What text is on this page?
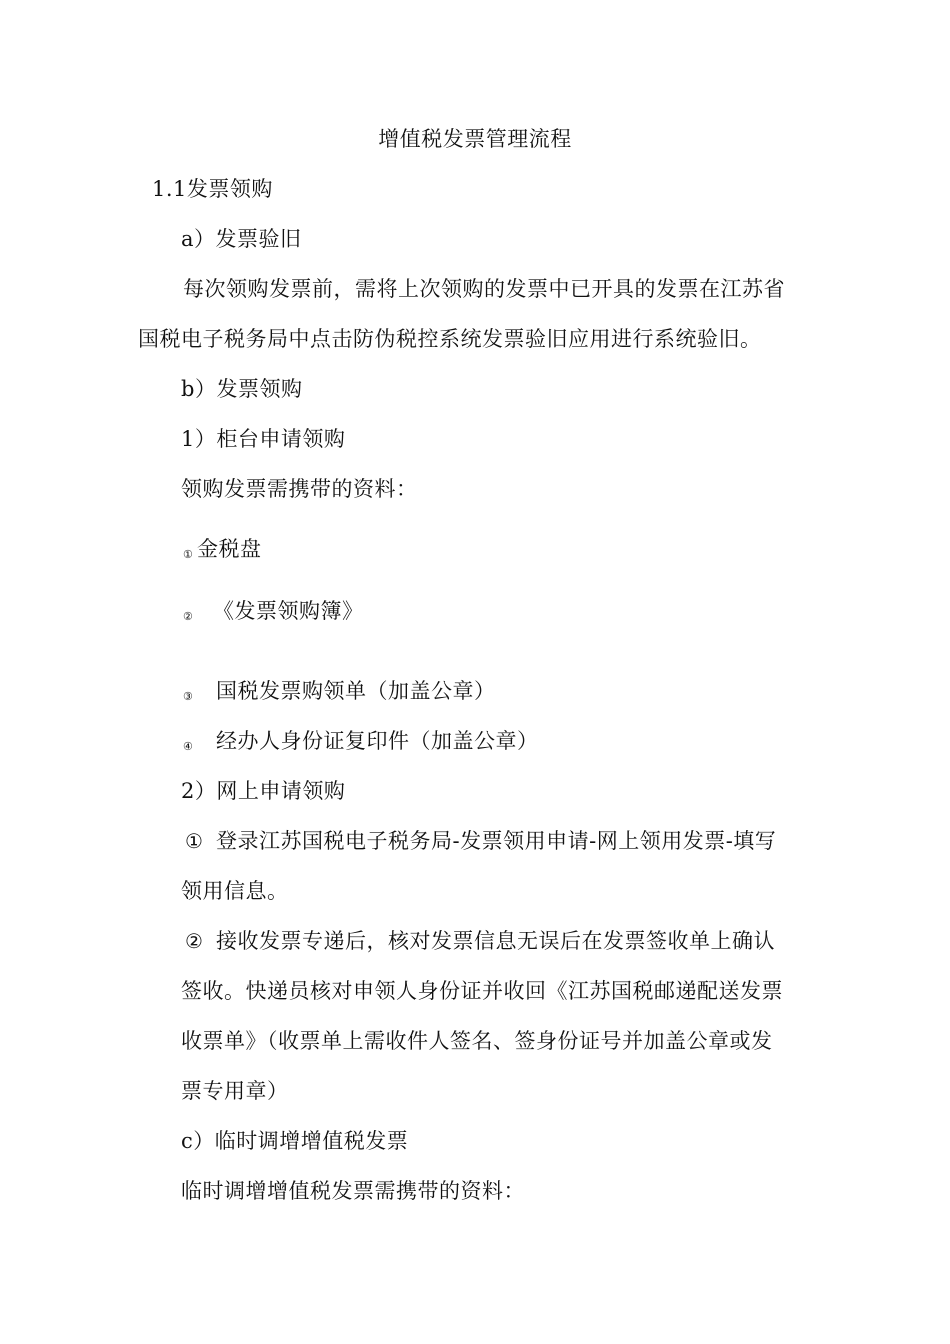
增值税发票管理流程
1.1发票领购
a）发票验旧
每次领购发票前，需将上次领购的发票中已开具的发票在江苏省
国税电子税务局中点击防伪税控系统发票验旧应用进行系统验旧。
b）发票领购
1）柜台申请领购
领购发票需携带的资料：
① 金税盘
② 《发票领购簿》
③ 国税发票购领单（加盖公章）
④ 经办人身份证复印件（加盖公章）
2）网上申请领购
① 登录江苏国税电子税务局-发票领用申请-网上领用发票-填写
领用信息。
② 接收发票专递后，核对发票信息无误后在发票签收单上确认
签收。快递员核对申领人身份证并收回《江苏国税邮递配送发票
收票单》（收票单上需收件人签名、签身份证号并加盖公章或发
票专用章）
c）临时调增增值税发票
临时调增增值税发票需携带的资料：
